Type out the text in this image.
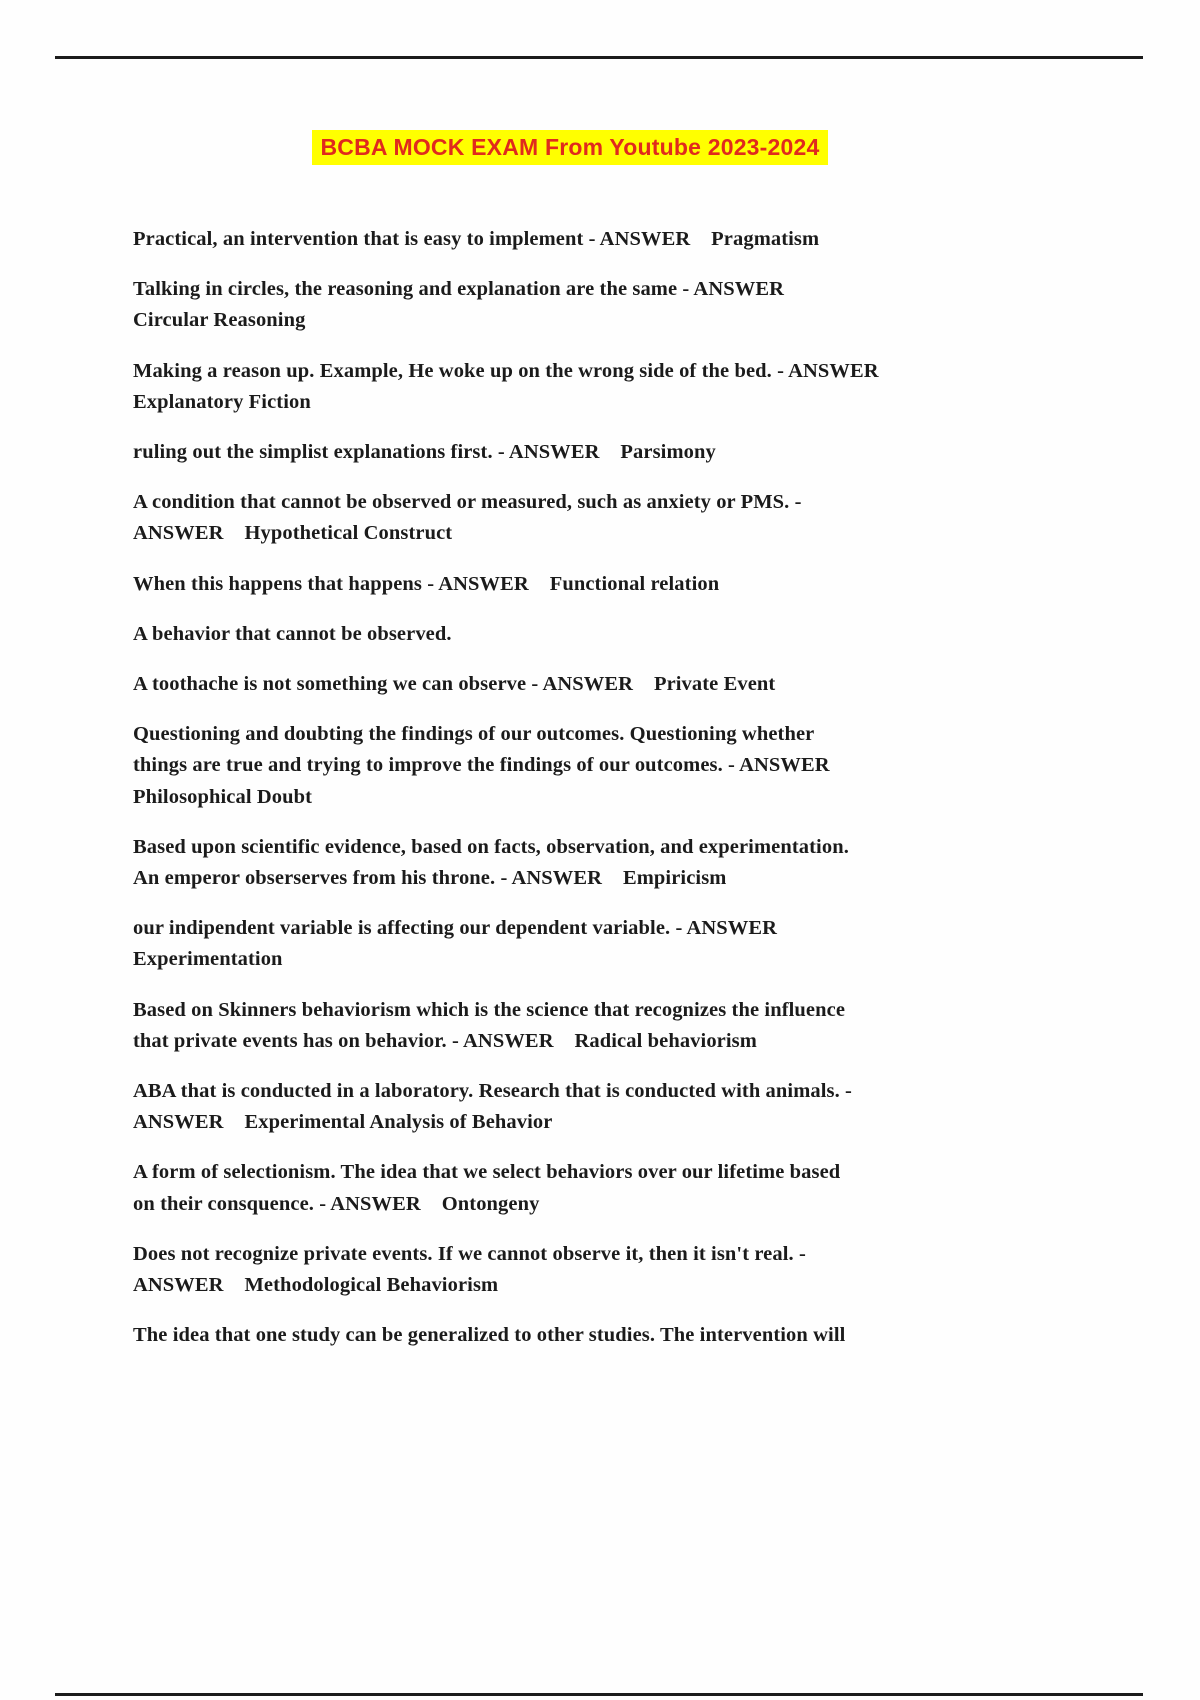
BCBA MOCK EXAM From Youtube 2023-2024

Practical, an intervention that is easy to implement - ANSWER    Pragmatism

Talking in circles, the reasoning and explanation are the same - ANSWER
Circular Reasoning

Making a reason up. Example, He woke up on the wrong side of the bed. - ANSWER
Explanatory Fiction

ruling out the simplist explanations first. - ANSWER    Parsimony

A condition that cannot be observed or measured, such as anxiety or PMS. -
ANSWER    Hypothetical Construct

When this happens that happens - ANSWER    Functional relation

A behavior that cannot be observed.

A toothache is not something we can observe - ANSWER    Private Event

Questioning and doubting the findings of our outcomes. Questioning whether
things are true and trying to improve the findings of our outcomes. - ANSWER
Philosophical Doubt

Based upon scientific evidence, based on facts, observation, and experimentation.
An emperor obserserves from his throne. - ANSWER    Empiricism

our indipendent variable is affecting our dependent variable. - ANSWER
Experimentation

Based on Skinners behaviorism which is the science that recognizes the influence
that private events has on behavior. - ANSWER    Radical behaviorism

ABA that is conducted in a laboratory. Research that is conducted with animals. -
ANSWER    Experimental Analysis of Behavior

A form of selectionism. The idea that we select behaviors over our lifetime based
on their consquence. - ANSWER    Ontongeny

Does not recognize private events. If we cannot observe it, then it isn't real. -
ANSWER    Methodological Behaviorism

The idea that one study can be generalized to other studies. The intervention will
